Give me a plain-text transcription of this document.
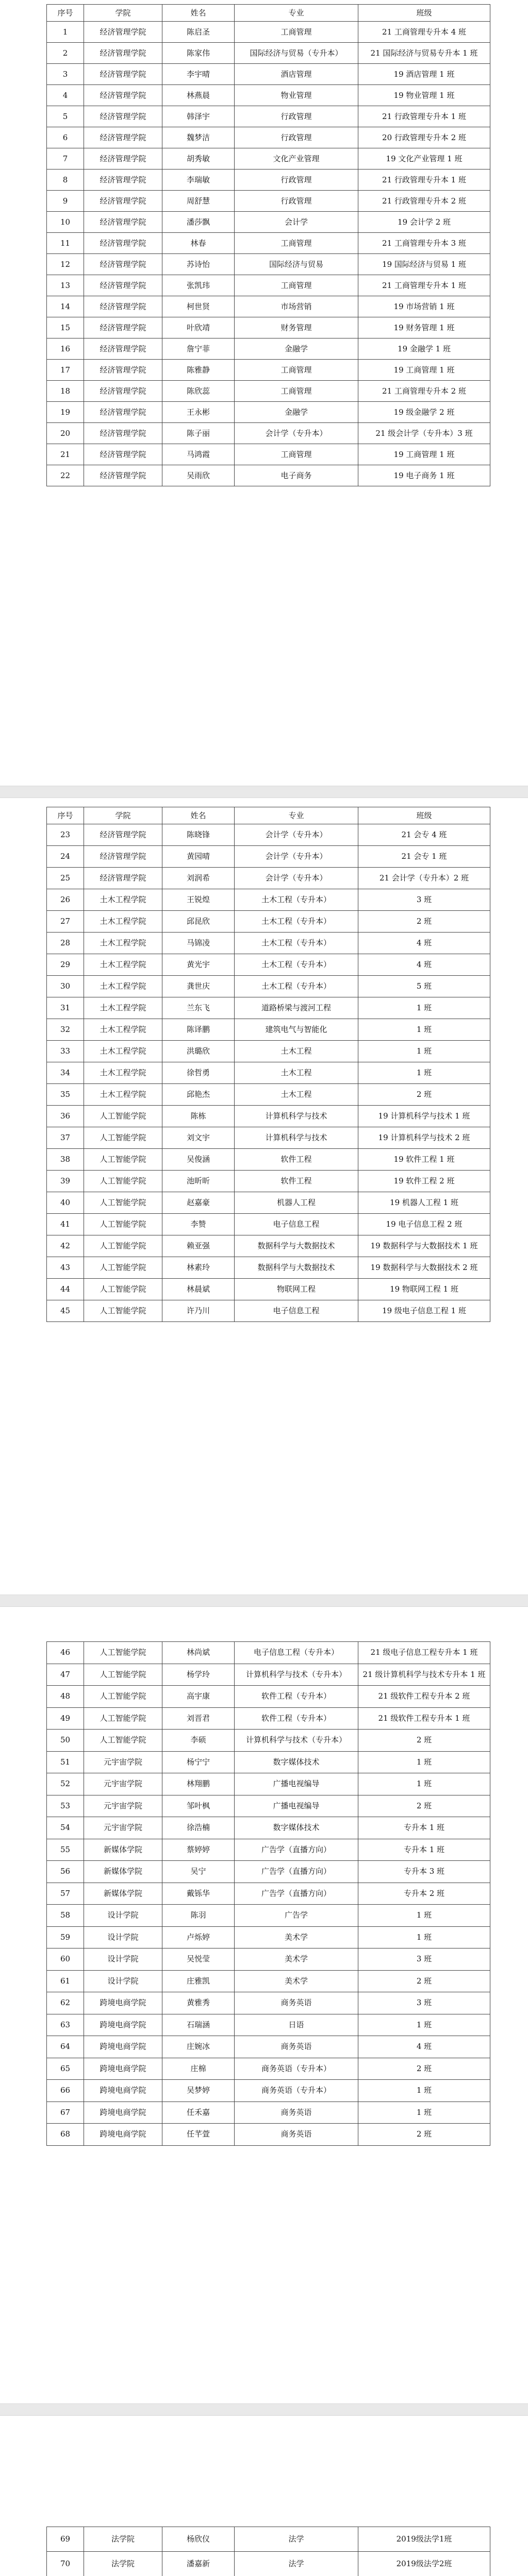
序号	学院	姓名	专业	班级
1	经济管理学院	陈启圣	工商管理	21 工商管理专升本 4 班
2	经济管理学院	陈家伟	国际经济与贸易（专升本）	21 国际经济与贸易专升本 1 班
3	经济管理学院	李宇晴	酒店管理	19 酒店管理 1 班
4	经济管理学院	林燕晨	物业管理	19 物业管理 1 班
5	经济管理学院	韩泽宇	行政管理	21 行政管理专升本 1 班
6	经济管理学院	魏梦洁	行政管理	20 行政管理专升本 2 班
7	经济管理学院	胡秀敏	文化产业管理	19 文化产业管理 1 班
8	经济管理学院	李瑞敏	行政管理	21 行政管理专升本 1 班
9	经济管理学院	周舒慧	行政管理	21 行政管理专升本 2 班
10	经济管理学院	潘莎飘	会计学	19 会计学 2 班
11	经济管理学院	林春	工商管理	21 工商管理专升本 3 班
12	经济管理学院	苏诗怡	国际经济与贸易	19 国际经济与贸易 1 班
13	经济管理学院	张凯玮	工商管理	21 工商管理专升本 1 班
14	经济管理学院	柯世贤	市场营销	19 市场营销 1 班
15	经济管理学院	叶欣靖	财务管理	19 财务管理 1 班
16	经济管理学院	詹宁菲	金融学	19 金融学 1 班
17	经济管理学院	陈雅静	工商管理	19 工商管理 1 班
18	经济管理学院	陈欣蕊	工商管理	21 工商管理专升本 2 班
19	经济管理学院	王永彬	金融学	19 级金融学 2 班
20	经济管理学院	陈子丽	会计学（专升本）	21 级会计学（专升本）3 班
21	经济管理学院	马鸿霞	工商管理	19 工商管理 1 班
22	经济管理学院	吴雨欣	电子商务	19 电子商务 1 班
序号	学院	姓名	专业	班级
23	经济管理学院	陈晓锋	会计学（专升本）	21 会专 4 班
24	经济管理学院	黄园晴	会计学（专升本）	21 会专 1 班
25	经济管理学院	刘润希	会计学（专升本）	21 会计学（专升本）2 班
26	土木工程学院	王锐煌	土木工程（专升本）	3 班
27	土木工程学院	邱昆欣	土木工程（专升本）	2 班
28	土木工程学院	马锦凌	土木工程（专升本）	4 班
29	土木工程学院	黄光宇	土木工程（专升本）	4 班
30	土木工程学院	龚世庆	土木工程（专升本）	5 班
31	土木工程学院	兰东飞	道路桥梁与渡河工程	1 班
32	土木工程学院	陈译鹏	建筑电气与智能化	1 班
33	土木工程学院	洪璐欣	土木工程	1 班
34	土木工程学院	徐哲勇	土木工程	1 班
35	土木工程学院	邱艳杰	土木工程	2 班
36	人工智能学院	陈栋	计算机科学与技术	19 计算机科学与技术 1 班
37	人工智能学院	刘文宇	计算机科学与技术	19 计算机科学与技术 2 班
38	人工智能学院	吴俊涵	软件工程	19 软件工程 1 班
39	人工智能学院	池昕昕	软件工程	19 软件工程 2 班
40	人工智能学院	赵嘉豪	机器人工程	19 机器人工程 1 班
41	人工智能学院	李赞	电子信息工程	19 电子信息工程 2 班
42	人工智能学院	赖亚强	数据科学与大数据技术	19 数据科学与大数据技术 1 班
43	人工智能学院	林素玲	数据科学与大数据技术	19 数据科学与大数据技术 2 班
44	人工智能学院	林晨斌	物联网工程	19 物联网工程 1 班
45	人工智能学院	许乃川	电子信息工程	19 级电子信息工程 1 班
46	人工智能学院	林尚斌	电子信息工程（专升本）	21 级电子信息工程专升本 1 班
47	人工智能学院	杨学玲	计算机科学与技术（专升本）	21 级计算机科学与技术专升本 1 班
48	人工智能学院	高宇康	软件工程（专升本）	21 级软件工程专升本 2 班
49	人工智能学院	刘晋君	软件工程（专升本）	21 级软件工程专升本 1 班
50	人工智能学院	李硕	计算机科学与技术（专升本）	2 班
51	元宇宙学院	杨宁宁	数字媒体技术	1 班
52	元宇宙学院	林翔鹏	广播电视编导	1 班
53	元宇宙学院	邹叶枫	广播电视编导	2 班
54	元宇宙学院	徐浩楠	数字媒体技术	专升本 1 班
55	新媒体学院	蔡婷婷	广告学（直播方向）	专升本 1 班
56	新媒体学院	吴宁	广告学（直播方向）	专升本 3 班
57	新媒体学院	戴铄华	广告学（直播方向）	专升本 2 班
58	设计学院	陈羽	广告学	1 班
59	设计学院	卢烁婷	美术学	1 班
60	设计学院	吴悦莹	美术学	3 班
61	设计学院	庄雅凯	美术学	2 班
62	跨境电商学院	黄雅秀	商务英语	3 班
63	跨境电商学院	石瑞涵	日语	1 班
64	跨境电商学院	庄婉冰	商务英语	4 班
65	跨境电商学院	庄棉	商务英语（专升本）	2 班
66	跨境电商学院	吴梦婷	商务英语（专升本）	1 班
67	跨境电商学院	任禾嘉	商务英语	1 班
68	跨境电商学院	任芊萱	商务英语	2 班
69	法学院	杨欣仪	法学	2019级法学1班
70	法学院	潘嘉新	法学	2019级法学2班
